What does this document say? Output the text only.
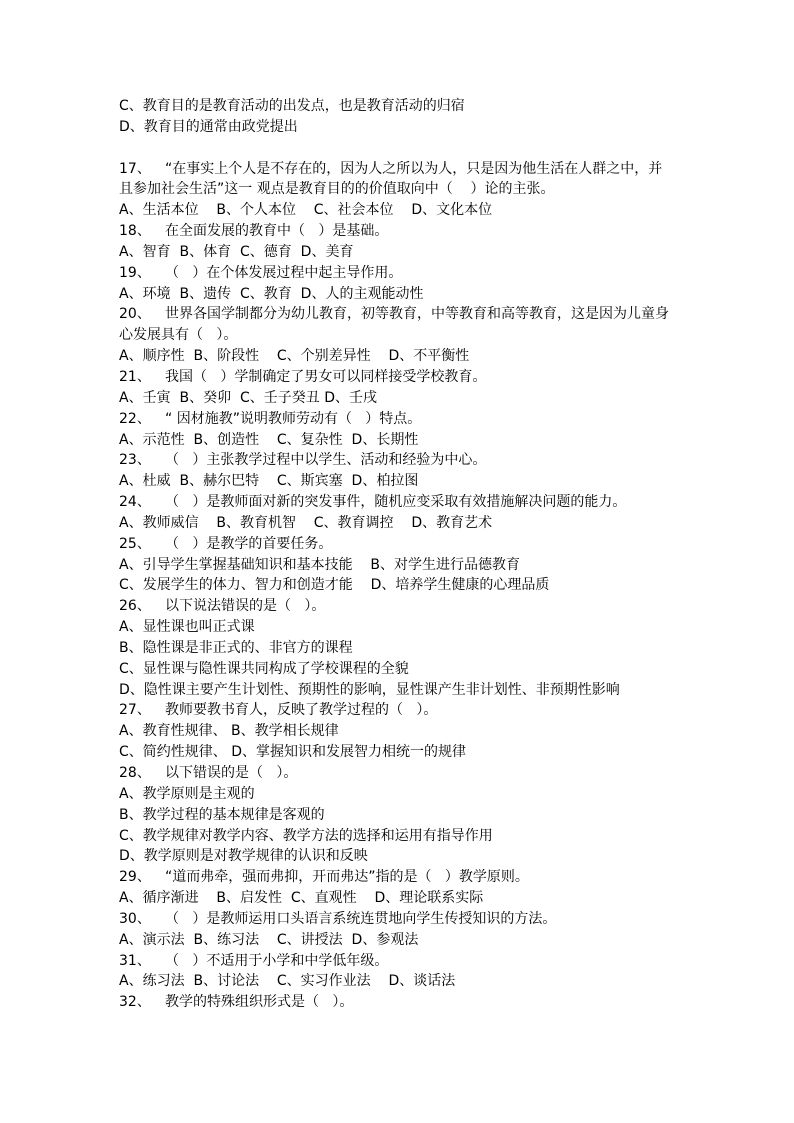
C、教育目的是教育活动的出发点，也是教育活动的归宿
D、教育目的通常由政党提出
17、 “在事实上个人是不存在的，因为人之所以为人，只是因为他生活在人群之中，并
且参加社会生活”这一 观点是教育目的的价值取向中（    ）论的主张。
A、生活本位    B、个人本位    C、社会本位    D、文化本位
18、 在全面发展的教育中（   ）是基础。
A、智育  B、体育  C、德育  D、美育
19、 （   ）在个体发展过程中起主导作用。
A、环境  B、遗传  C、教育  D、人的主观能动性
20、 世界各国学制都分为幼儿教育，初等教育，中等教育和高等教育，这是因为儿童身
心发展具有（   ）。
A、顺序性  B、阶段性    C、个别差异性    D、不平衡性
21、 我国（   ）学制确定了男女可以同样接受学校教育。
A、壬寅  B、癸卯  C、壬子癸丑 D、壬戌
22、 “ 因材施教”说明教师劳动有（   ）特点。
A、示范性  B、创造性    C、复杂性  D、长期性
23、 （   ）主张教学过程中以学生、活动和经验为中心。
A、杜威  B、赫尔巴特    C、斯宾塞  D、柏拉图
24、 （   ）是教师面对新的突发事件，随机应变采取有效措施解决问题的能力。
A、教师威信    B、教育机智    C、教育调控    D、教育艺术
25、 （   ）是教学的首要任务。
A、引导学生掌握基础知识和基本技能    B、对学生进行品德教育
C、发展学生的体力、智力和创造才能    D、培养学生健康的心理品质
26、 以下说法错误的是（   ）。
A、显性课也叫正式课
B、隐性课是非正式的、非官方的课程
C、显性课与隐性课共同构成了学校课程的全貌
D、隐性课主要产生计划性、预期性的影响，显性课产生非计划性、非预期性影响
27、 教师要教书育人，反映了教学过程的（   ）。
A、教育性规律、 B、教学相长规律
C、简约性规律、 D、掌握知识和发展智力相统一的规律
28、 以下错误的是（   ）。
A、教学原则是主观的
B、教学过程的基本规律是客观的
C、教学规律对教学内容、教学方法的选择和运用有指导作用
D、教学原则是对教学规律的认识和反映
29、 “道而弗牵，强而弗抑，开而弗达”指的是（   ）教学原则。
A、循序渐进    B、启发性  C、直观性    D、理论联系实际
30、 （   ）是教师运用口头语言系统连贯地向学生传授知识的方法。
A、演示法  B、练习法    C、讲授法  D、参观法
31、 （   ）不适用于小学和中学低年级。
A、练习法  B、讨论法    C、实习作业法    D、谈话法
32、 教学的特殊组织形式是（   ）。
